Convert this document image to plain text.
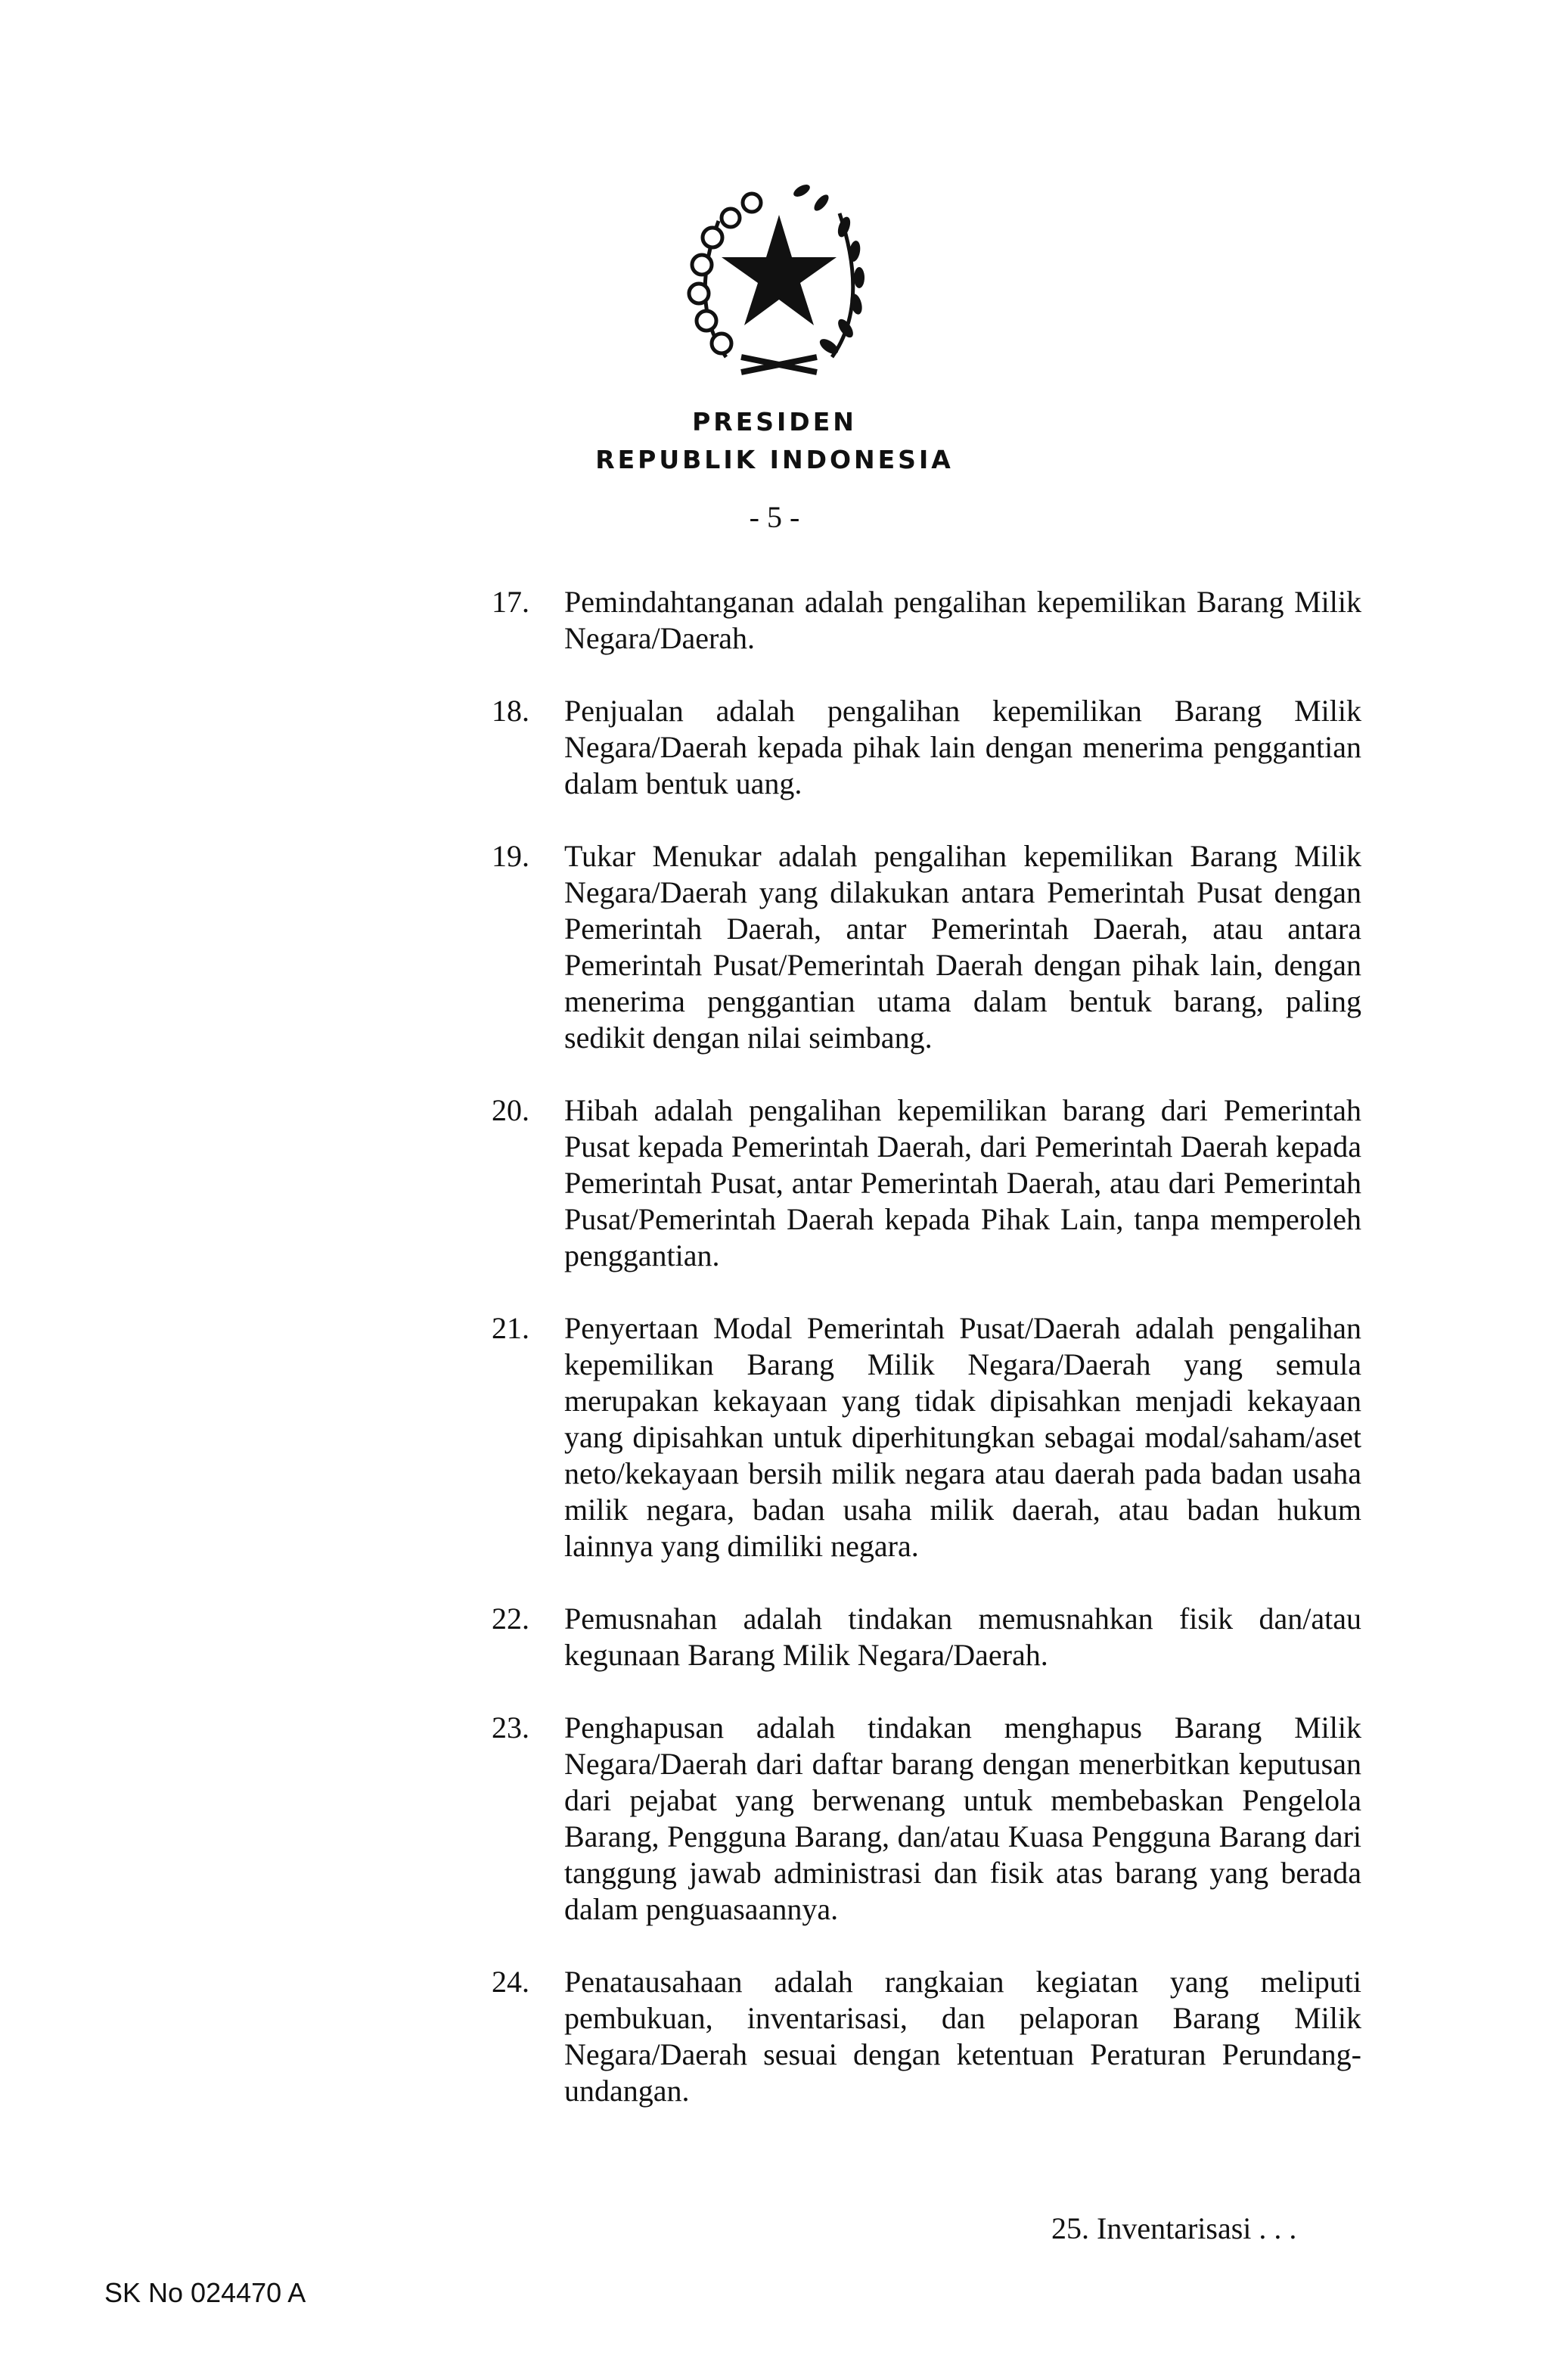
PRESIDEN
REPUBLIK INDONESIA
- 5 -
17. Pemindahtanganan adalah pengalihan kepemilikan Barang Milik Negara/Daerah.
18. Penjualan adalah pengalihan kepemilikan Barang Milik Negara/Daerah kepada pihak lain dengan menerima penggantian dalam bentuk uang.
19. Tukar Menukar adalah pengalihan kepemilikan Barang Milik Negara/Daerah yang dilakukan antara Pemerintah Pusat dengan Pemerintah Daerah, antar Pemerintah Daerah, atau antara Pemerintah Pusat/Pemerintah Daerah dengan pihak lain, dengan menerima penggantian utama dalam bentuk barang, paling sedikit dengan nilai seimbang.
20. Hibah adalah pengalihan kepemilikan barang dari Pemerintah Pusat kepada Pemerintah Daerah, dari Pemerintah Daerah kepada Pemerintah Pusat, antar Pemerintah Daerah, atau dari Pemerintah Pusat/Pemerintah Daerah kepada Pihak Lain, tanpa memperoleh penggantian.
21. Penyertaan Modal Pemerintah Pusat/Daerah adalah pengalihan kepemilikan Barang Milik Negara/Daerah yang semula merupakan kekayaan yang tidak dipisahkan menjadi kekayaan yang dipisahkan untuk diperhitungkan sebagai modal/saham/aset neto/kekayaan bersih milik negara atau daerah pada badan usaha milik negara, badan usaha milik daerah, atau badan hukum lainnya yang dimiliki negara.
22. Pemusnahan adalah tindakan memusnahkan fisik dan/atau kegunaan Barang Milik Negara/Daerah.
23. Penghapusan adalah tindakan menghapus Barang Milik Negara/Daerah dari daftar barang dengan menerbitkan keputusan dari pejabat yang berwenang untuk membebaskan Pengelola Barang, Pengguna Barang, dan/atau Kuasa Pengguna Barang dari tanggung jawab administrasi dan fisik atas barang yang berada dalam penguasaannya.
24. Penatausahaan adalah rangkaian kegiatan yang meliputi pembukuan, inventarisasi, dan pelaporan Barang Milik Negara/Daerah sesuai dengan ketentuan Peraturan Perundang-undangan.
25. Inventarisasi . . .
SK No 024470 A
